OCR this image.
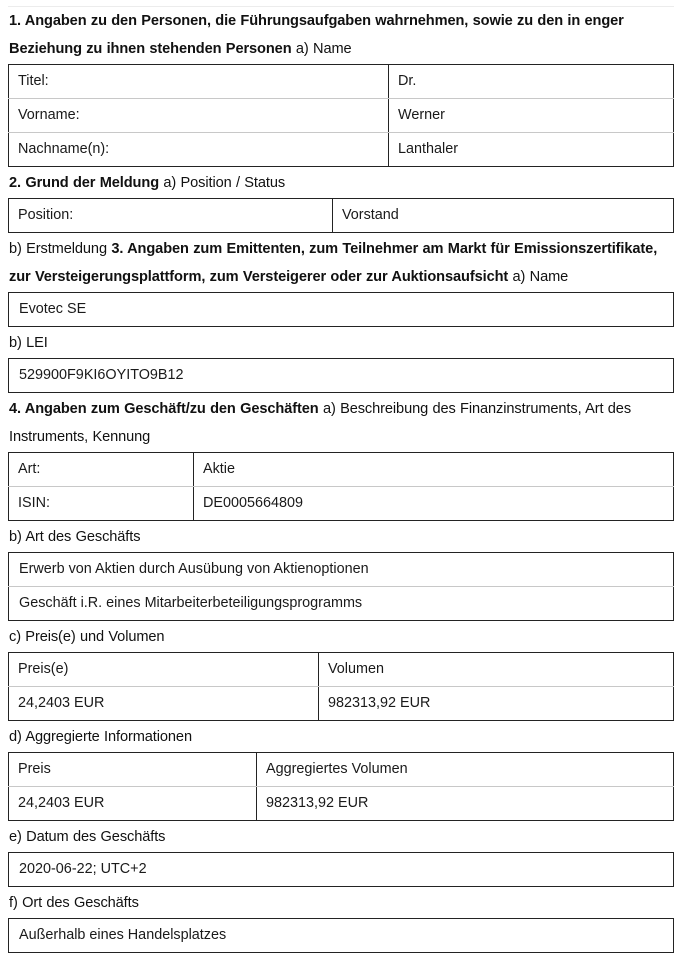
1. Angaben zu den Personen, die Führungsaufgaben wahrnehmen, sowie zu den in enger Beziehung zu ihnen stehenden Personen a) Name

Titel:	Dr.
Vorname:	Werner
Nachname(n):	Lanthaler

2. Grund der Meldung a) Position / Status

Position:	Vorstand

b) Erstmeldung 3. Angaben zum Emittenten, zum Teilnehmer am Markt für Emissionszertifikate, zur Versteigerungsplattform, zum Versteigerer oder zur Auktionsaufsicht a) Name

Evotec SE

b) LEI

529900F9KI6OYITO9B12

4. Angaben zum Geschäft/zu den Geschäften a) Beschreibung des Finanzinstruments, Art des Instruments, Kennung

Art:	Aktie
ISIN:	DE0005664809

b) Art des Geschäfts

Erwerb von Aktien durch Ausübung von Aktienoptionen
Geschäft i.R. eines Mitarbeiterbeteiligungsprogramms

c) Preis(e) und Volumen

Preis(e)	Volumen
24,2403 EUR	982313,92 EUR

d) Aggregierte Informationen

Preis	Aggregiertes Volumen
24,2403 EUR	982313,92 EUR

e) Datum des Geschäfts

2020-06-22; UTC+2

f) Ort des Geschäfts

Außerhalb eines Handelsplatzes
